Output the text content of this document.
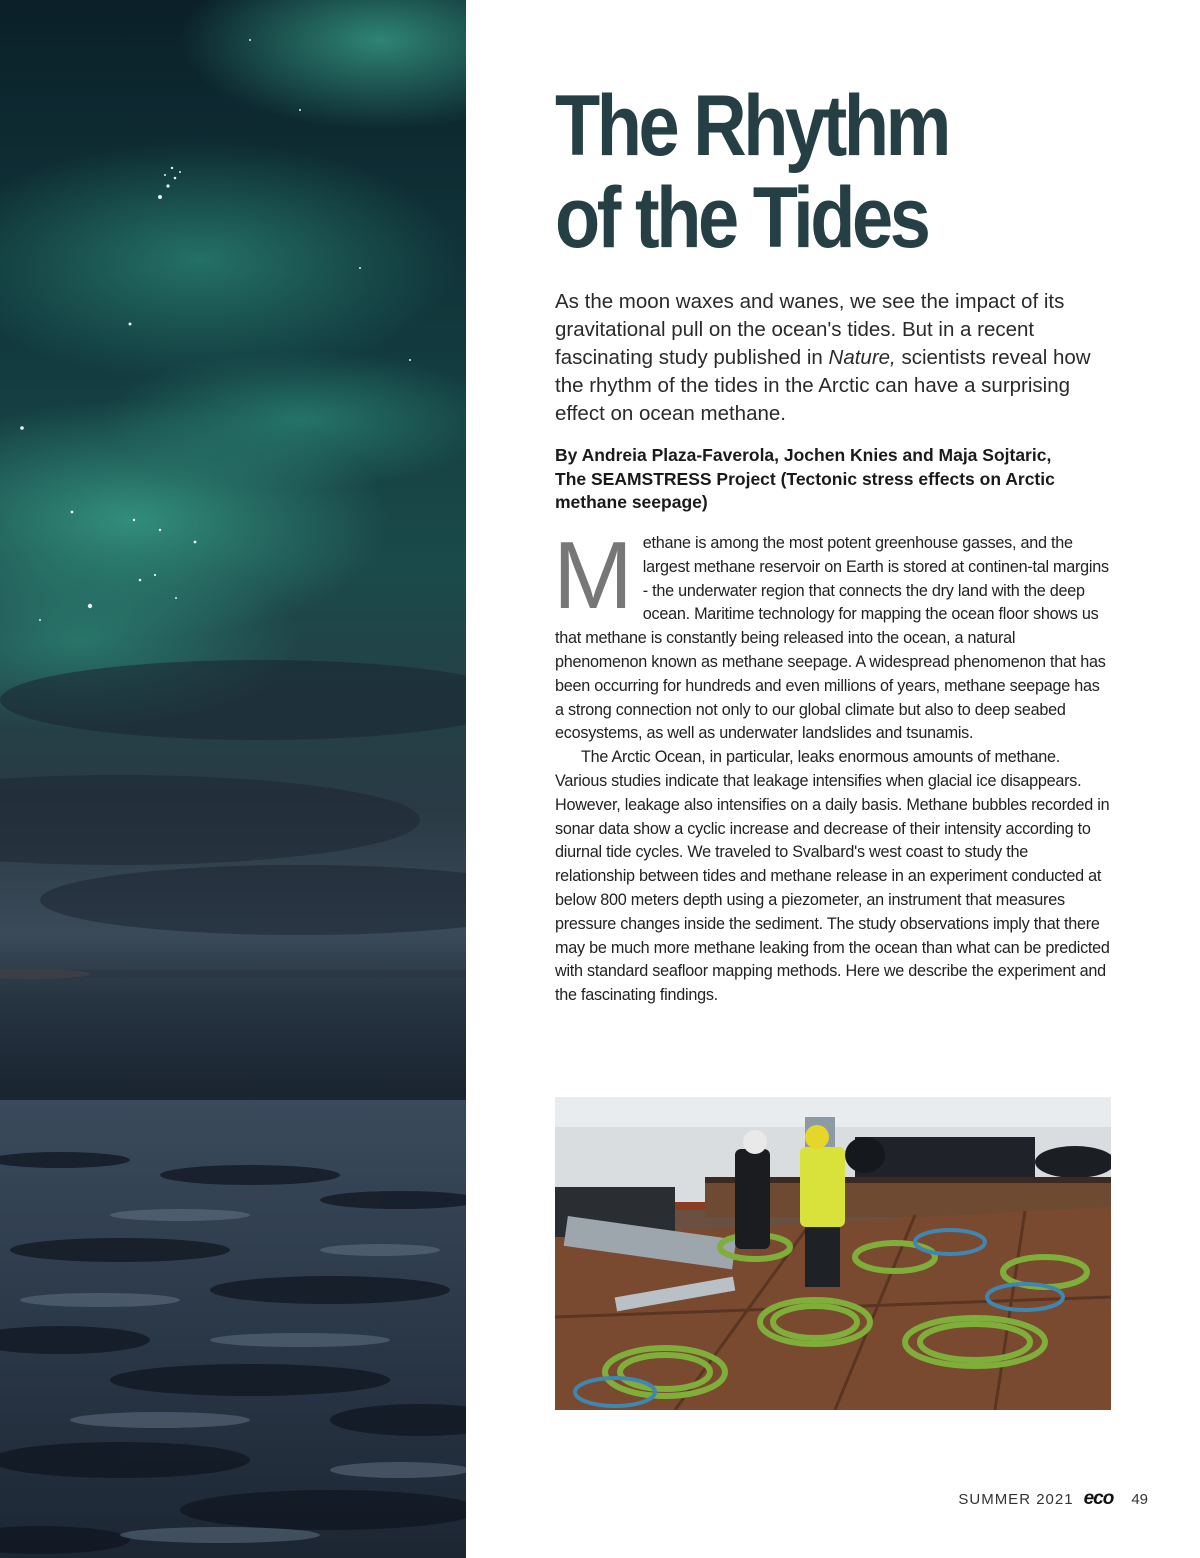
The Rhythm
of the Tides

As the moon waxes and wanes, we see the impact of its gravitational pull on the ocean's tides. But in a recent fascinating study published in Nature, scientists reveal how the rhythm of the tides in the Arctic can have a surprising effect on ocean methane.

By Andreia Plaza-Faverola, Jochen Knies and Maja Sojtaric, The SEAMSTRESS Project (Tectonic stress effects on Arctic methane seepage)

Methane is among the most potent greenhouse gasses, and the largest methane reservoir on Earth is stored at continen-tal margins - the underwater region that connects the dry land with the deep ocean. Maritime technology for mapping the ocean floor shows us that methane is constantly being released into the ocean, a natural phenomenon known as methane seepage. A widespread phenomenon that has been occurring for hundreds and even millions of years, methane seepage has a strong connection not only to our global climate but also to deep seabed ecosystems, as well as underwater landslides and tsunamis.

The Arctic Ocean, in particular, leaks enormous amounts of methane. Various studies indicate that leakage intensifies when glacial ice disappears. However, leakage also intensifies on a daily basis. Methane bubbles recorded in sonar data show a cyclic increase and decrease of their intensity according to diurnal tide cycles. We traveled to Svalbard's west coast to study the relationship between tides and methane release in an experiment conducted at below 800 meters depth using a piezometer, an instrument that measures pressure changes inside the sediment. The study observations imply that there may be much more methane leaking from the ocean than what can be predicted with standard seafloor mapping methods. Here we describe the experiment and the fascinating findings.

SUMMER 2021 eco 49
